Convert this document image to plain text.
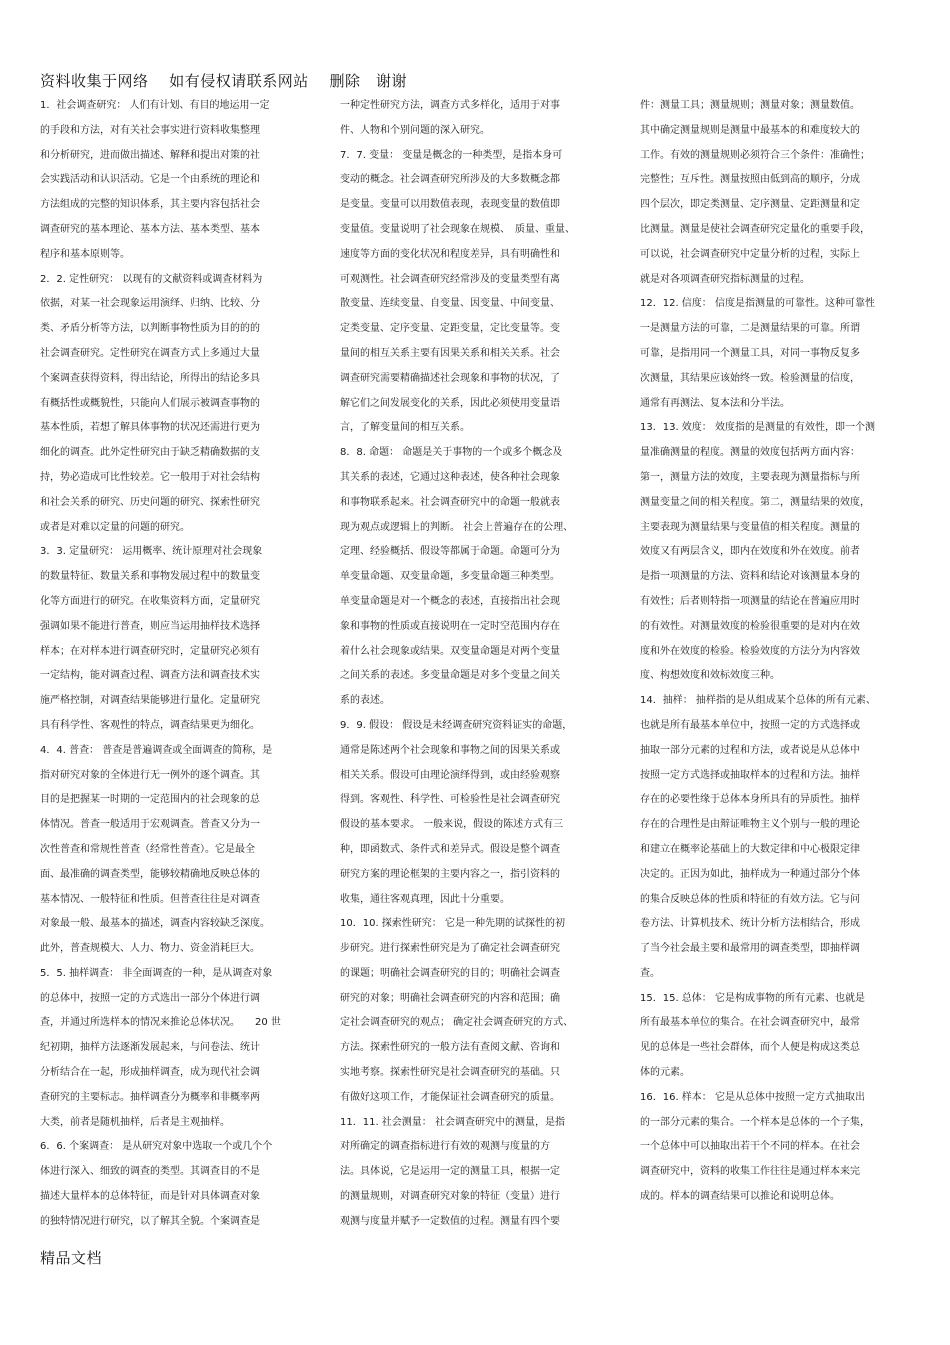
资料收集于网络　 如有侵权请联系网站　 删除　谢谢
1．社会调查研究： 人们有计划、有目的地运用一定
的手段和方法，对有关社会事实进行资料收集整理
和分析研究，进而做出描述、解释和提出对策的社
会实践活动和认识活动。它是一个由系统的理论和
方法组成的完整的知识体系，其主要内容包括社会
调查研究的基本理论、基本方法、基本类型、基本
程序和基本原则等。
2．2. 定性研究： 以现有的文献资料或调查材料为
依据，对某一社会现象运用演绎、归纳、比较、分
类、矛盾分析等方法，以判断事物性质为目的的的
社会调查研究。定性研究在调查方式上多通过大量
个案调查获得资料，得出结论，所得出的结论多具
有概括性或概貌性，只能向人们展示被调查事物的
基本性质，若想了解具体事物的状况还需进行更为
细化的调查。此外定性研究由于缺乏精确数据的支
持，势必造成可比性较差。它一般用于对社会结构
和社会关系的研究、历史问题的研究、探索性研究
或者是对难以定量的问题的研究。
3．3. 定量研究： 运用概率、统计原理对社会现象
的数量特征、数量关系和事物发展过程中的数量变
化等方面进行的研究。在收集资料方面，定量研究
强调如果不能进行普查，则应当运用抽样技术选择
样本；在对样本进行调查研究时，定量研究必须有
一定结构，能对调查过程、调查方法和调查技术实
施严格控制，对调查结果能够进行量化。定量研究
具有科学性、客观性的特点，调查结果更为细化。
4．4. 普查： 普查是普遍调查或全面调查的简称，是
指对研究对象的全体进行无一例外的逐个调查。其
目的是把握某一时期的一定范围内的社会现象的总
体情况。普查一般适用于宏观调查。普查又分为一
次性普查和常规性普查（经常性普查）。它是最全
面、最准确的调查类型，能够较精确地反映总体的
基本情况、一般特征和性质。但普查往往是对调查
对象最一般、最基本的描述，调查内容较缺乏深度。
此外，普查规模大、人力、物力、资金消耗巨大。
5．5. 抽样调查： 非全面调查的一种，是从调查对象
的总体中，按照一定的方式选出一部分个体进行调
查，并通过所选样本的情况来推论总体状况。　　20 世
纪初期，抽样方法逐渐发展起来，与问卷法、统计
分析结合在一起，形成抽样调查，成为现代社会调
查研究的主要标志。抽样调查分为概率和非概率两
大类，前者是随机抽样，后者是主观抽样。
6．6. 个案调查： 是从研究对象中选取一个或几个个
体进行深入、细致的调查的类型。其调查目的不是
描述大量样本的总体特征，而是针对具体调查对象
的独特情况进行研究，以了解其全貌。个案调查是
一种定性研究方法，调查方式多样化，适用于对事
件、人物和个别问题的深入研究。
7．7. 变量： 变量是概念的一种类型，是指本身可
变动的概念。社会调查研究所涉及的大多数概念都
是变量。变量可以用数值表现，表现变量的数值即
变量值。变量说明了社会现象在规模、　质量、重量、
速度等方面的变化状况和程度差异，具有明确性和
可观测性。社会调查研究经常涉及的变量类型有离
散变量、连续变量、自变量、因变量、中间变量、
定类变量、定序变量、定距变量，定比变量等。变
量间的相互关系主要有因果关系和相关关系。社会
调查研究需要精确描述社会现象和事物的状况，了
解它们之间发展变化的关系，因此必须使用变量语
言，了解变量间的相互关系。
8．8. 命题： 命题是关于事物的一个或多个概念及
其关系的表述，它通过这种表述，使各种社会现象
和事物联系起来。社会调查研究中的命题一般就表
现为观点或逻辑上的判断。 社会上普遍存在的公理、
定理、经验概括、假设等都属于命题。命题可分为
单变量命题、双变量命题，多变量命题三种类型。
单变量命题是对一个概念的表述，直接指出社会现
象和事物的性质或直接说明在一定时空范围内存在
着什么社会现象或结果。双变量命题是对两个变量
之间关系的表述。多变量命题是对多个变量之间关
系的表述。
9．9. 假设： 假设是未经调查研究资料证实的命题，
通常是陈述两个社会现象和事物之间的因果关系或
相关关系。假设可由理论演绎得到，或由经验观察
得到。客观性、科学性、可检验性是社会调查研究
假设的基本要求。 一般来说，假设的陈述方式有三
种，即函数式、条件式和差异式。假设是整个调查
研究方案的理论框架的主要内容之一，指引资料的
收集，通往客观真理，因此十分重要。
10．10. 探索性研究： 它是一种先期的试探性的初
步研究。进行探索性研究是为了确定社会调查研究
的课题；明确社会调查研究的目的；明确社会调查
研究的对象；明确社会调查研究的内容和范围；确
定社会调查研究的观点； 确定社会调查研究的方式、
方法。探索性研究的一般方法有查阅文献、咨询和
实地考察。探索性研究是社会调查研究的基础。只
有做好这项工作，才能保证社会调查研究的质量。
11．11. 社会测量： 社会调查研究中的测量，是指
对所确定的调查指标进行有效的观测与度量的方
法。具体说，它是运用一定的测量工具，根据一定
的测量规则，对调查研究对象的特征（变量）进行
观测与度量并赋予一定数值的过程。测量有四个要
件：测量工具；测量规则；测量对象；测量数值。
其中确定测量规则是测量中最基本的和难度较大的
工作。有效的测量规则必须符合三个条件：准确性；
完整性；互斥性。测量按照由低到高的顺序，分成
四个层次，即定类测量、定序测量、定距测量和定
比测量。测量是使社会调查研究定量化的重要手段，
可以说，社会调查研究中定量分析的过程，实际上
就是对各项调查研究指标测量的过程。
12．12. 信度： 信度是指测量的可靠性。这种可靠性
一是测量方法的可靠，二是测量结果的可靠。所谓
可靠，是指用同一个测量工具，对同一事物反复多
次测量，其结果应该始终一致。检验测量的信度，
通常有再测法、复本法和分半法。
13．13. 效度： 效度指的是测量的有效性，即一个测
量准确测量的程度。测量的效度包括两方面内容：
第一，测量方法的效度，主要表现为测量指标与所
测量变量之间的相关程度。第二，测量结果的效度，
主要表现为测量结果与变量值的相关程度。测量的
效度又有两层含义，即内在效度和外在效度。前者
是指一项测量的方法、资料和结论对该测量本身的
有效性；后者则特指一项测量的结论在普遍应用时
的有效性。对测量效度的检验很重要的是对内在效
度和外在效度的检验。检验效度的方法分为内容效
度、构想效度和效标效度三种。
14．抽样： 抽样指的是从组成某个总体的所有元素、
也就是所有最基本单位中，按照一定的方式选择或
抽取一部分元素的过程和方法，或者说是从总体中
按照一定方式选择或抽取样本的过程和方法。抽样
存在的必要性缘于总体本身所具有的异质性。抽样
存在的合理性是由辩证唯物主义个别与一般的理论
和建立在概率论基础上的大数定律和中心极限定律
决定的。正因为如此，抽样成为一种通过部分个体
的集合反映总体的性质和特征的有效方法。它与问
卷方法、计算机技术、统计分析方法相结合，形成
了当今社会最主要和最常用的调查类型，即抽样调
查。
15．15. 总体： 它是构成事物的所有元素、也就是
所有最基本单位的集合。在社会调查研究中，最常
见的总体是一些社会群体，而个人便是构成这类总
体的元素。
16．16. 样本： 它是从总体中按照一定方式抽取出
的一部分元素的集合。一个样本是总体的一个子集，
一个总体中可以抽取出若干个不同的样本。在社会
调查研究中，资料的收集工作往往是通过样本来完
成的。样本的调查结果可以推论和说明总体。
精品文档
